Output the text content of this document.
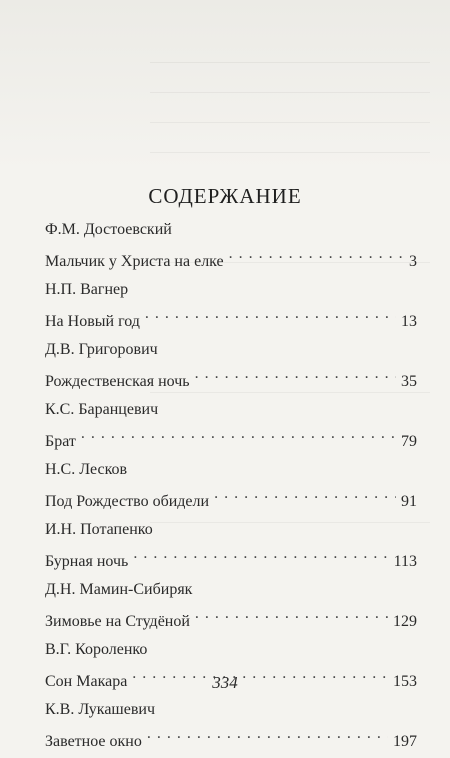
СОДЕРЖАНИЕ
Ф.М. Достоевский
Мальчик у Христа на елке . . .	3
Н.П. Вагнер
На Новый год . . .	13
Д.В. Григорович
Рождественская ночь . . .	35
К.С. Баранцевич
Брат . . .	79
Н.С. Лесков
Под Рождество обидели . . .	91
И.Н. Потапенко
Бурная ночь . . .	113
Д.Н. Мамин-Сибиряк
Зимовье на Студёной . . .	129
В.Г. Короленко
Сон Макара . . .	153
К.В. Лукашевич
Заветное окно . . .	197
334
